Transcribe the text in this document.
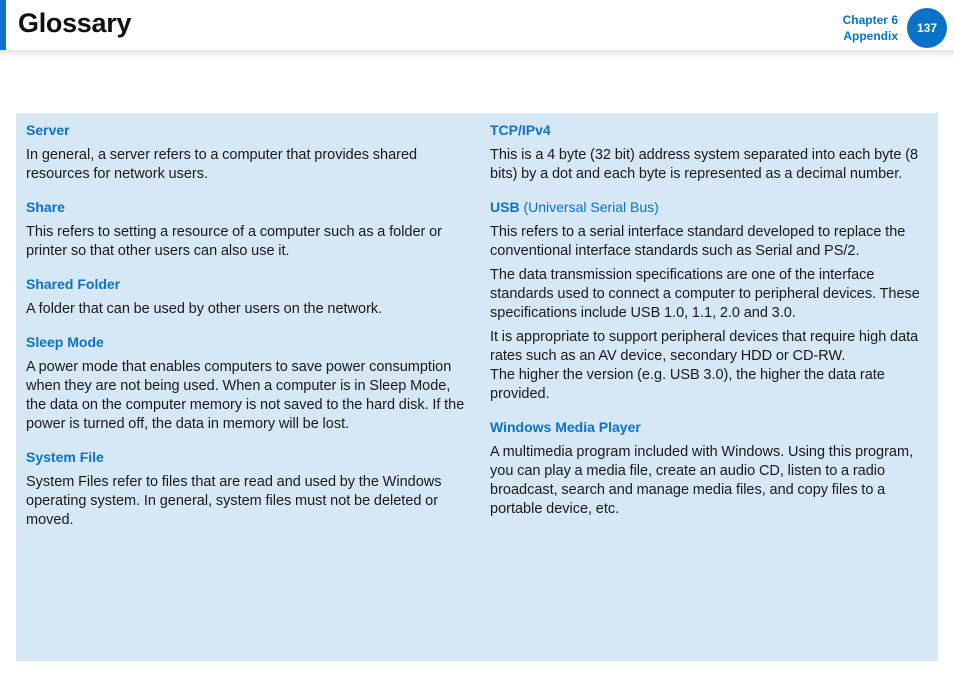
Glossary	Chapter 6
Appendix
137

Server

In general, a server refers to a computer that provides shared resources for network users.

Share

This refers to setting a resource of a computer such as a folder or printer so that other users can also use it.

Shared Folder

A folder that can be used by other users on the network.

Sleep Mode

A power mode that enables computers to save power consumption when they are not being used. When a computer is in Sleep Mode, the data on the computer memory is not saved to the hard disk. If the power is turned off, the data in memory will be lost.

System File

System Files refer to files that are read and used by the Windows operating system. In general, system files must not be deleted or moved.

TCP/IPv4

This is a 4 byte (32 bit) address system separated into each byte (8 bits) by a dot and each byte is represented as a decimal number.

USB (Universal Serial Bus)

This refers to a serial interface standard developed to replace the conventional interface standards such as Serial and PS/2.

The data transmission specifications are one of the interface standards used to connect a computer to peripheral devices. These specifications include USB 1.0, 1.1, 2.0 and 3.0.

It is appropriate to support peripheral devices that require high data rates such as an AV device, secondary HDD or CD-RW.

The higher the version (e.g. USB 3.0), the higher the data rate provided.

Windows Media Player

A multimedia program included with Windows. Using this program, you can play a media file, create an audio CD, listen to a radio broadcast, search and manage media files, and copy files to a portable device, etc.
